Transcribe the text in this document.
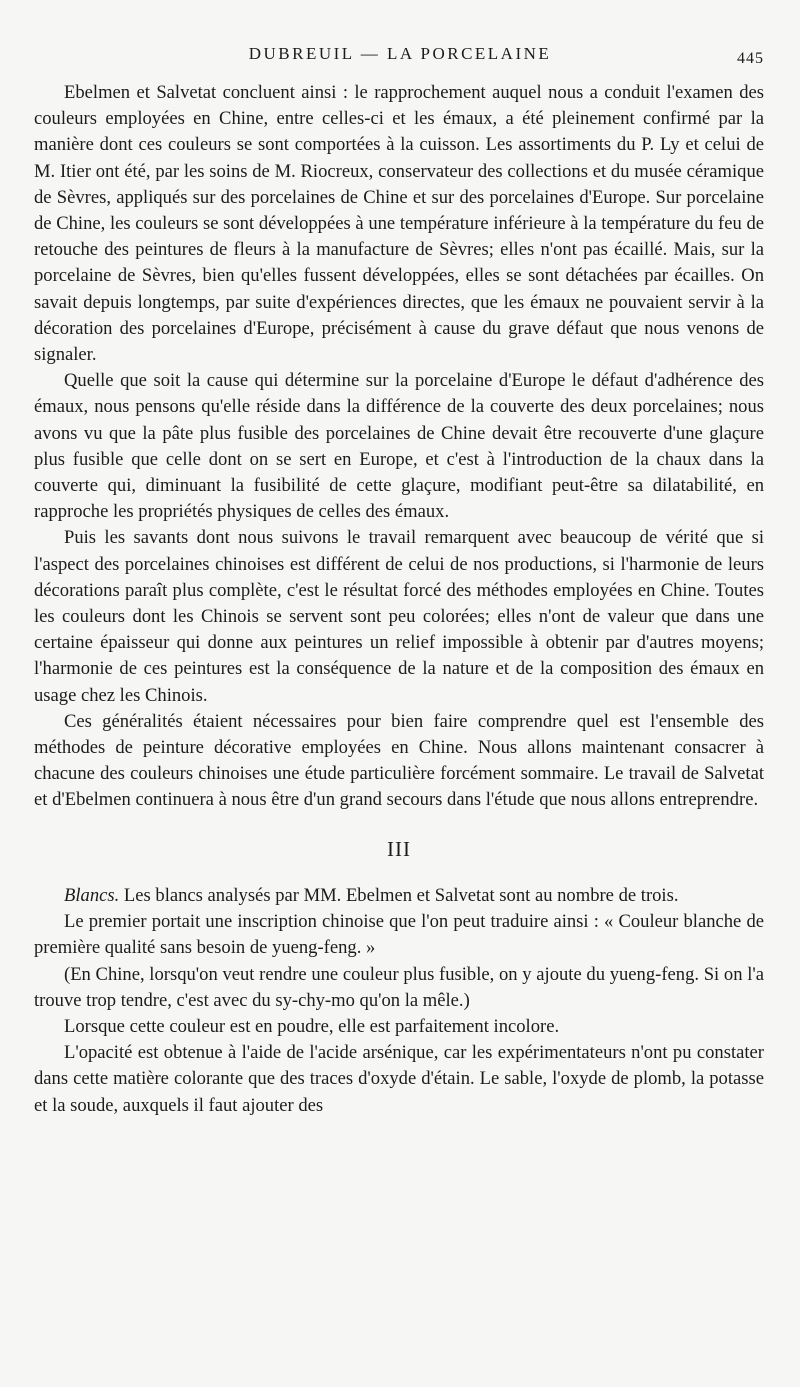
DUBREUIL — LA PORCELAINE	445

Ebelmen et Salvetat concluent ainsi : le rapprochement auquel nous a conduit l'examen des couleurs employées en Chine, entre celles-ci et les émaux, a été pleinement confirmé par la manière dont ces couleurs se sont comportées à la cuisson. Les assortiments du P. Ly et celui de M. Itier ont été, par les soins de M. Riocreux, conservateur des collections et du musée céramique de Sèvres, appliqués sur des porcelaines de Chine et sur des porcelaines d'Europe. Sur porcelaine de Chine, les couleurs se sont développées à une température inférieure à la température du feu de retouche des peintures de fleurs à la manufacture de Sèvres; elles n'ont pas écaillé. Mais, sur la porcelaine de Sèvres, bien qu'elles fussent développées, elles se sont détachées par écailles. On savait depuis longtemps, par suite d'expériences directes, que les émaux ne pouvaient servir à la décoration des porcelaines d'Europe, précisément à cause du grave défaut que nous venons de signaler.

Quelle que soit la cause qui détermine sur la porcelaine d'Europe le défaut d'adhérence des émaux, nous pensons qu'elle réside dans la différence de la couverte des deux porcelaines; nous avons vu que la pâte plus fusible des porcelaines de Chine devait être recouverte d'une glaçure plus fusible que celle dont on se sert en Europe, et c'est à l'introduction de la chaux dans la couverte qui, diminuant la fusibilité de cette glaçure, modifiant peut-être sa dilatabilité, en rapproche les propriétés physiques de celles des émaux.

Puis les savants dont nous suivons le travail remarquent avec beaucoup de vérité que si l'aspect des porcelaines chinoises est différent de celui de nos productions, si l'harmonie de leurs décorations paraît plus complète, c'est le résultat forcé des méthodes employées en Chine. Toutes les couleurs dont les Chinois se servent sont peu colorées; elles n'ont de valeur que dans une certaine épaisseur qui donne aux peintures un relief impossible à obtenir par d'autres moyens; l'harmonie de ces peintures est la conséquence de la nature et de la composition des émaux en usage chez les Chinois.

Ces généralités étaient nécessaires pour bien faire comprendre quel est l'ensemble des méthodes de peinture décorative employées en Chine. Nous allons maintenant consacrer à chacune des couleurs chinoises une étude particulière forcément sommaire. Le travail de Salvetat et d'Ebelmen continuera à nous être d'un grand secours dans l'étude que nous allons entreprendre.

III

Blancs. Les blancs analysés par MM. Ebelmen et Salvetat sont au nombre de trois.

Le premier portait une inscription chinoise que l'on peut traduire ainsi : « Couleur blanche de première qualité sans besoin de yueng-feng. »

(En Chine, lorsqu'on veut rendre une couleur plus fusible, on y ajoute du yueng-feng. Si on l'a trouve trop tendre, c'est avec du sy-chy-mo qu'on la mêle.)

Lorsque cette couleur est en poudre, elle est parfaitement incolore.

L'opacité est obtenue à l'aide de l'acide arsénique, car les expérimentateurs n'ont pu constater dans cette matière colorante que des traces d'oxyde d'étain. Le sable, l'oxyde de plomb, la potasse et la soude, auxquels il faut ajouter des
